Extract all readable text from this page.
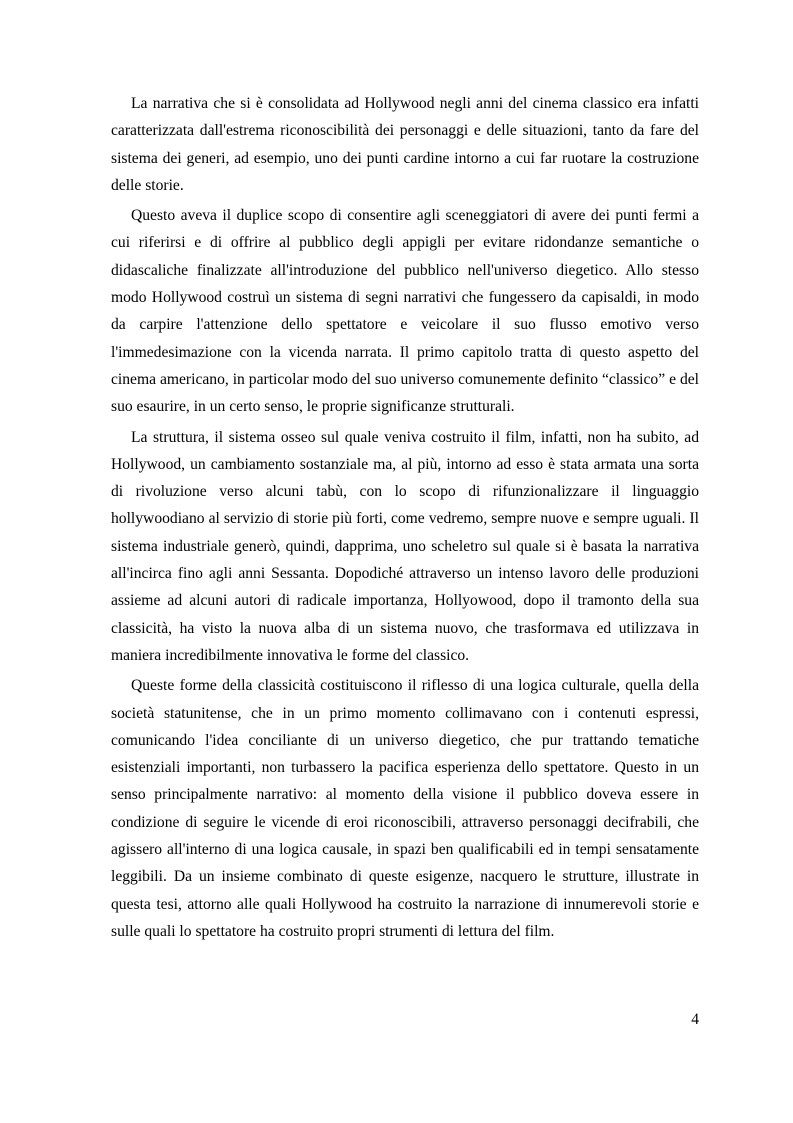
La narrativa che si è consolidata ad Hollywood negli anni del cinema classico era infatti caratterizzata dall'estrema riconoscibilità dei personaggi e delle situazioni, tanto da fare del sistema dei generi, ad esempio, uno dei punti cardine intorno a cui far ruotare la costruzione delle storie.

Questo aveva il duplice scopo di consentire agli sceneggiatori di avere dei punti fermi a cui riferirsi e di offrire al pubblico degli appigli per evitare ridondanze semantiche o didascaliche finalizzate all'introduzione del pubblico nell'universo diegetico. Allo stesso modo Hollywood costruì un sistema di segni narrativi che fungessero da capisaldi, in modo da carpire l'attenzione dello spettatore e veicolare il suo flusso emotivo verso l'immedesimazione con la vicenda narrata. Il primo capitolo tratta di questo aspetto del cinema americano, in particolar modo del suo universo comunemente definito “classico” e del suo esaurire, in un certo senso, le proprie significanze strutturali.

La struttura, il sistema osseo sul quale veniva costruito il film, infatti, non ha subito, ad Hollywood, un cambiamento sostanziale ma, al più, intorno ad esso è stata armata una sorta di rivoluzione verso alcuni tabù, con lo scopo di rifunzionalizzare il linguaggio hollywoodiano al servizio di storie più forti, come vedremo, sempre nuove e sempre uguali. Il sistema industriale generò, quindi, dapprima, uno scheletro sul quale si è basata la narrativa all'incirca fino agli anni Sessanta. Dopodiché attraverso un intenso lavoro delle produzioni assieme ad alcuni autori di radicale importanza, Hollyowood, dopo il tramonto della sua classicità, ha visto la nuova alba di un sistema nuovo, che trasformava ed utilizzava in maniera incredibilmente innovativa le forme del classico.

Queste forme della classicità costituiscono il riflesso di una logica culturale, quella della società statunitense, che in un primo momento collimavano con i contenuti espressi, comunicando l'idea conciliante di un universo diegetico, che pur trattando tematiche esistenziali importanti, non turbassero la pacifica esperienza dello spettatore. Questo in un senso principalmente narrativo: al momento della visione il pubblico doveva essere in condizione di seguire le vicende di eroi riconoscibili, attraverso personaggi decifrabili, che agissero all'interno di una logica causale, in spazi ben qualificabili ed in tempi sensatamente leggibili. Da un insieme combinato di queste esigenze, nacquero le strutture, illustrate in questa tesi, attorno alle quali Hollywood ha costruito la narrazione di innumerevoli storie e sulle quali lo spettatore ha costruito propri strumenti di lettura del film.

4
